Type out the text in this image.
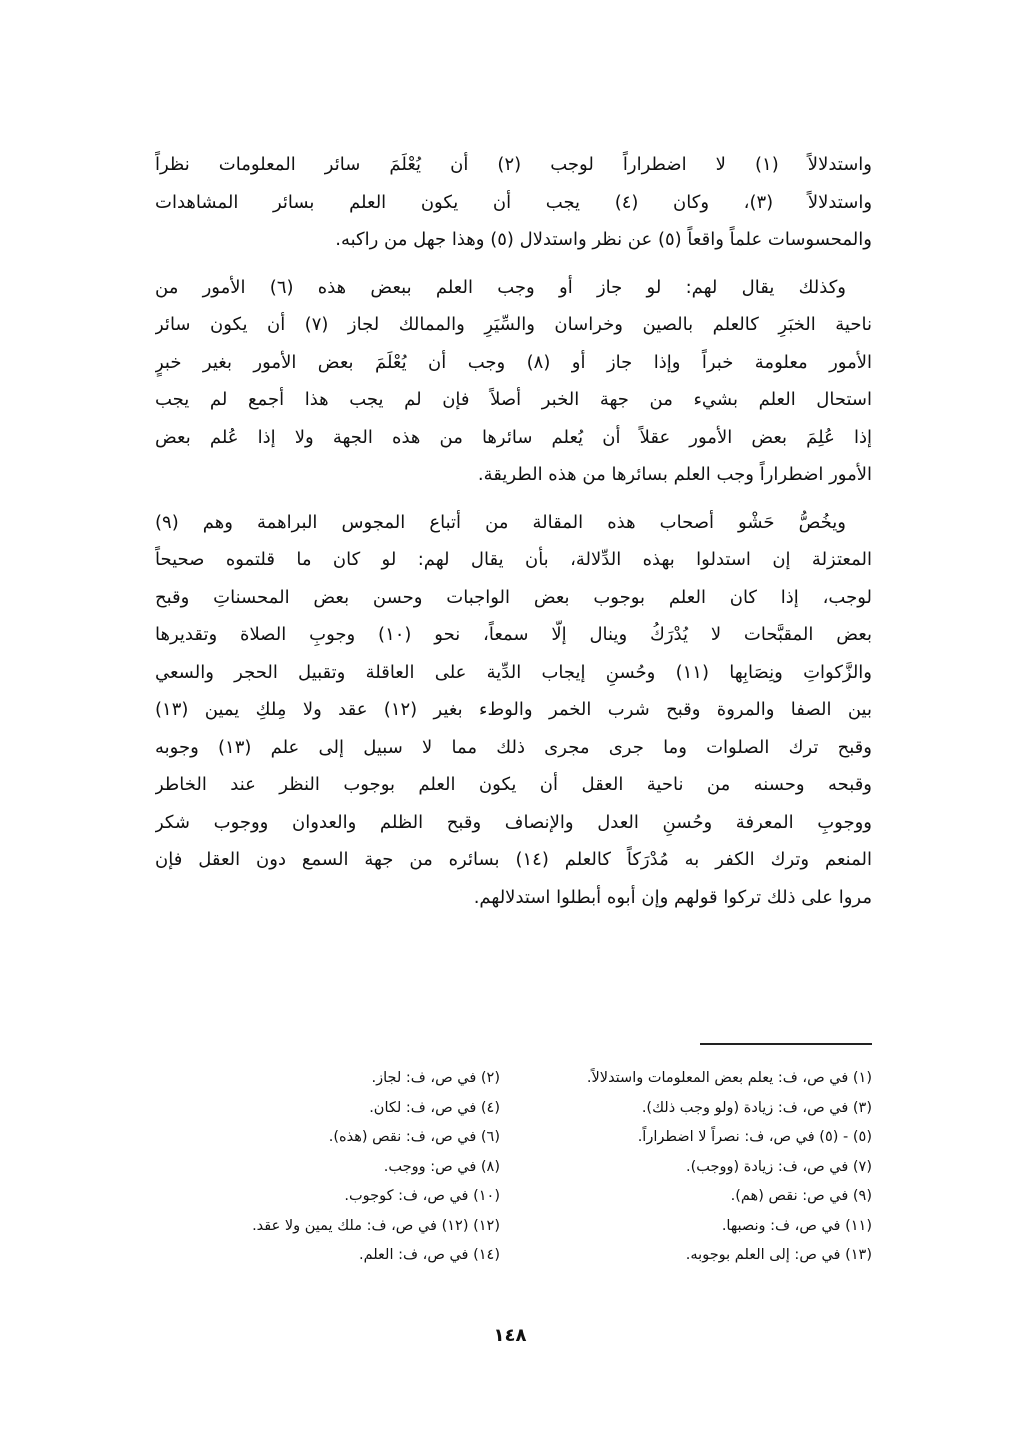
واستدلالاً (١) لا اضطراراً لوجب (٢) أن يُعْلَمَ سائر المعلومات نظراً
واستدلالاً (٣)، وكان (٤) يجب أن يكون العلم بسائر المشاهدات
والمحسوسات علماً واقعاً (٥) عن نظر واستدلال (٥) وهذا جهل من راكبه.
وكذلك يقال لهم: لو جاز أو وجب العلم ببعض هذه (٦) الأمور من
ناحية الخبَرِ كالعلم بالصين وخراسان والسِّيَرِ والممالك لجاز (٧) أن يكون سائر
الأمور معلومة خبراً وإذا جاز أو (٨) وجب أن يُعْلَمَ بعض الأمور بغير خبرٍ
استحال العلم بشيء من جهة الخبر أصلاً فإن لم يجب هذا أجمع لم يجب
إذا عُلِمَ بعض الأمور عقلاً أن يُعلم سائرها من هذه الجهة ولا إذا عُلم بعض
الأمور اضطراراً وجب العلم بسائرها من هذه الطريقة.
ويخُصُّ حَشْو أصحاب هذه المقالة من أتباع المجوس البراهمة وهم (٩)
المعتزلة إن استدلوا بهذه الدِّلالة، بأن يقال لهم: لو كان ما قلتموه صحيحاً
لوجب، إذا كان العلم بوجوب بعض الواجبات وحسن بعض المحسناتِ وقبح
بعض المقبَّحات لا يُدْرَكُ وينال إلّا سمعاً، نحو (١٠) وجوبِ الصلاة وتقديرها
والزَّكواتِ ونِصَابِها (١١) وحُسنِ إيجاب الدِّية على العاقلة وتقبيل الحجر والسعي
بين الصفا والمروة وقبح شرب الخمر والوطء بغير (١٢) عقد ولا مِلكِ يمين (١٣)
وقبح ترك الصلوات وما جرى مجرى ذلك مما لا سبيل إلى علم (١٣) وجوبه
وقبحه وحسنه من ناحية العقل أن يكون العلم بوجوب النظر عند الخاطر
ووجوبِ المعرفة وحُسنِ العدل والإنصاف وقبح الظلم والعدوان ووجوب شكر
المنعم وترك الكفر به مُدْرَكاً كالعلم (١٤) بسائره من جهة السمع دون العقل فإن
مروا على ذلك تركوا قولهم وإن أبوه أبطلوا استدلالهم.
(١) في ص، ف: يعلم بعض المعلومات واستدلالاً.
(٢) في ص، ف: لجاز.
(٣) في ص، ف: زيادة (ولو وجب ذلك).
(٤) في ص، ف: لكان.
(٥) - (٥) في ص، ف: نصراً لا اضطراراً.
(٦) في ص، ف: نقص (هذه).
(٧) في ص، ف: زيادة (ووجب).
(٨) في ص: ووجب.
(٩) في ص: نقص (هم).
(١٠) في ص، ف: كوجوب.
(١١) في ص، ف: ونصبها.
(١٢) (١٢) في ص، ف: ملك يمين ولا عقد.
(١٣) في ص: إلى العلم بوجوبه.
(١٤) في ص، ف: العلم.
١٤٨
